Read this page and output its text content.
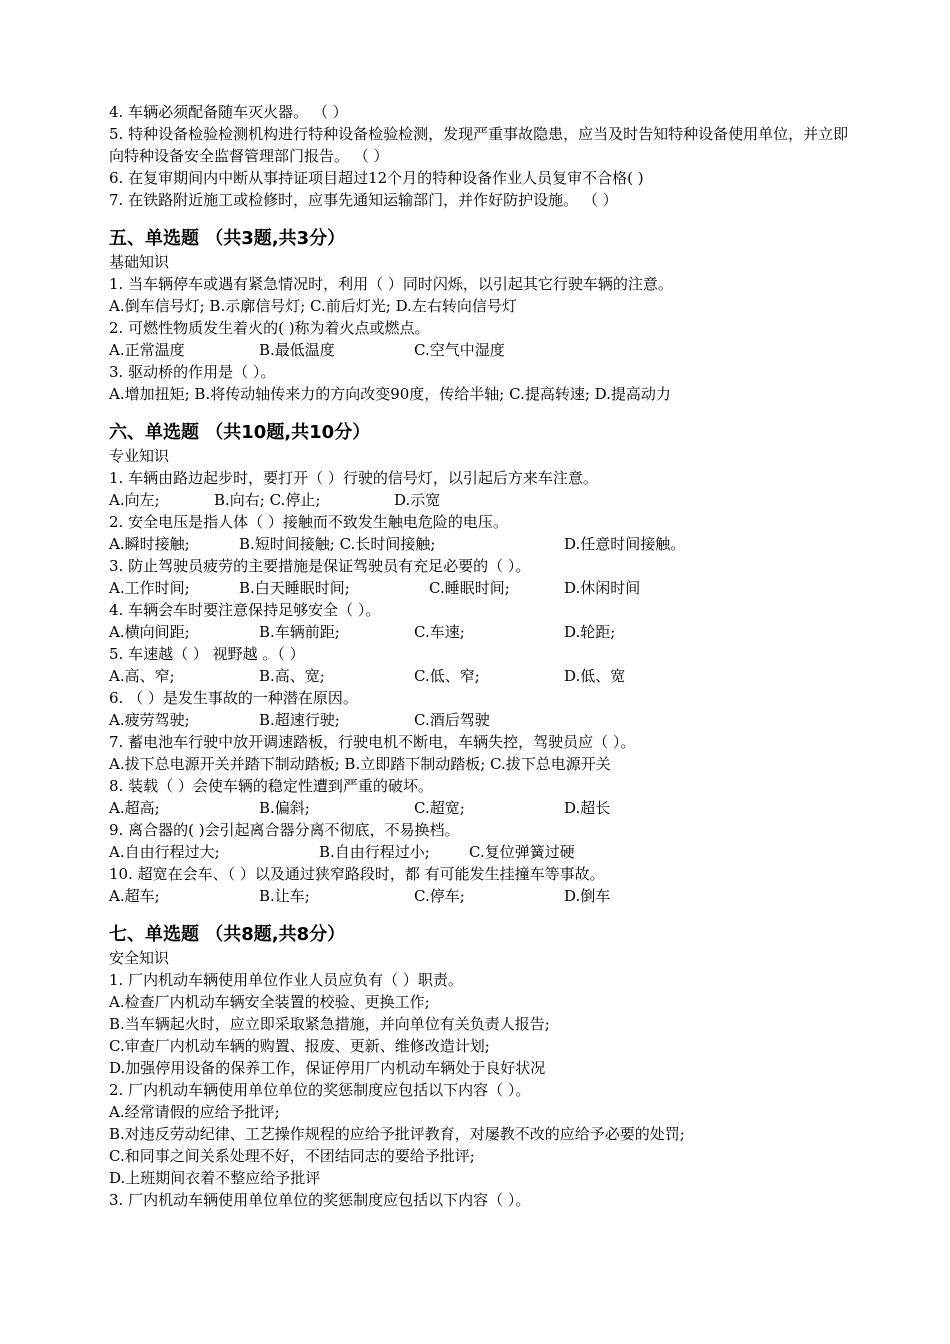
4. 车辆必须配备随车灭火器。 （ ）
5. 特种设备检验检测机构进行特种设备检验检测，发现严重事故隐患，应当及时告知特种设备使用单位，并立即向特种设备安全监督管理部门报告。 （ ）
6. 在复审期间内中断从事持证项目超过12个月的特种设备作业人员复审不合格( )
7. 在铁路附近施工或检修时，应事先通知运输部门，并作好防护设施。 （ ）
五、单选题 （共3题,共3分）
基础知识
1. 当车辆停车或遇有紧急情况时，利用（ ）同时闪烁，以引起其它行驶车辆的注意。
A.倒车信号灯; B.示廓信号灯; C.前后灯光; D.左右转向信号灯
2. 可燃性物质发生着火的( )称为着火点或燃点。
A.正常温度	B.最低温度	C.空气中湿度
3. 驱动桥的作用是（ ）。
A.增加扭矩; B.将传动轴传来力的方向改变90度，传给半轴; C.提高转速; D.提高动力
六、单选题 （共10题,共10分）
专业知识
1. 车辆由路边起步时，要打开（ ）行驶的信号灯，以引起后方来车注意。
A.向左;	B.向右; C.停止;	D.示宽
2. 安全电压是指人体（ ）接触而不致发生触电危险的电压。
A.瞬时接触;	B.短时间接触; C.长时间接触;	D.任意时间接触。
3. 防止驾驶员疲劳的主要措施是保证驾驶员有充足必要的（ ）。
A.工作时间;	B.白天睡眠时间;	C.睡眠时间;	D.休闲时间
4. 车辆会车时要注意保持足够安全（ ）。
A.横向间距;	B.车辆前距;	C.车速;	D.轮距;
5. 车速越（ ） 视野越 。（ ）
A.高、窄;	B.高、宽;	C.低、窄;	D.低、宽
6. （ ）是发生事故的一种潜在原因。
A.疲劳驾驶;	B.超速行驶;	C.酒后驾驶
7. 蓄电池车行驶中放开调速踏板，行驶电机不断电，车辆失控，驾驶员应（ ）。
A.拔下总电源开关并踏下制动踏板; B.立即踏下制动踏板; C.拔下总电源开关
8. 装载（ ）会使车辆的稳定性遭到严重的破坏。
A.超高;	B.偏斜;	C.超宽;	D.超长
9. 离合器的( )会引起离合器分离不彻底，不易换档。
A.自由行程过大;	B.自由行程过小;	C.复位弹簧过硬
10. 超宽在会车、（ ）以及通过狭窄路段时，都 有可能发生挂撞车等事故。
A.超车;	B.让车;	C.停车;	D.倒车
七、单选题 （共8题,共8分）
安全知识
1. 厂内机动车辆使用单位作业人员应负有（ ）职责。
A.检查厂内机动车辆安全装置的校验、更换工作;
B.当车辆起火时，应立即采取紧急措施，并向单位有关负责人报告;
C.审查厂内机动车辆的购置、报废、更新、维修改造计划;
D.加强停用设备的保养工作，保证停用厂内机动车辆处于良好状况
2. 厂内机动车辆使用单位单位的奖惩制度应包括以下内容（ ）。
A.经常请假的应给予批评;
B.对违反劳动纪律、工艺操作规程的应给予批评教育，对屡教不改的应给予必要的处罚;
C.和同事之间关系处理不好，不团结同志的要给予批评;
D.上班期间衣着不整应给予批评
3. 厂内机动车辆使用单位单位的奖惩制度应包括以下内容（ ）。
